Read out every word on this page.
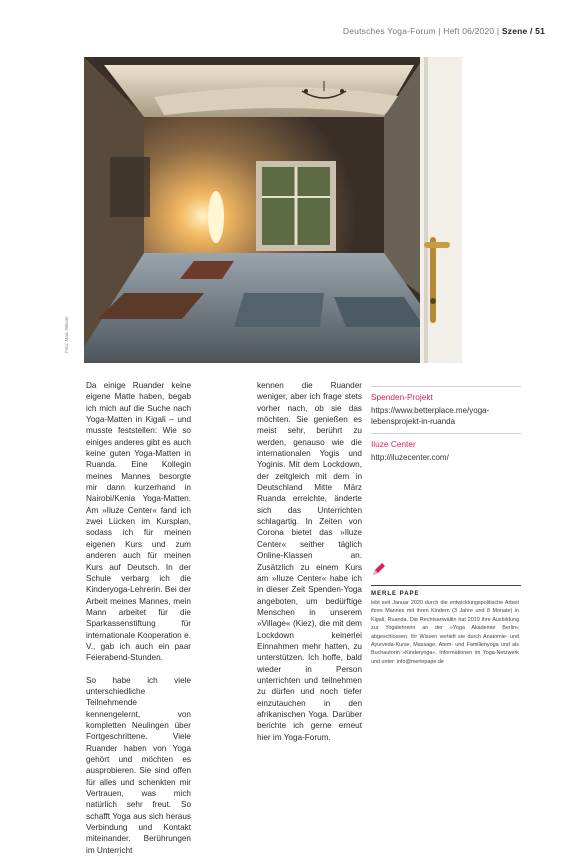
Deutsches Yoga-Forum | Heft 06/2020 | Szene / 51
Foto: Marc Wieser

Da einige Ruander keine eigene Matte haben, begab ich mich auf die Suche nach Yoga-Matten in Kigali – und musste feststellen: Wie so einiges anderes gibt es auch keine guten Yoga-Matten in Ruanda. Eine Kollegin meines Mannes besorgte mir dann kurzerhand in Nairobi/Kenia Yoga-Matten. Am »Iluze Center« fand ich zwei Lücken im Kursplan, sodass ich für meinen eigenen Kurs und zum anderen auch für meinen Kurs auf Deutsch. In der Schule verbarg ich die Kinderyoga-Lehrerin. Bei der Arbeit meines Mannes, mein Mann arbeitet für die Sparkassenstiftung für internationale Kooperation e. V., gab ich auch ein paar Feierabend-Stunden.

So habe ich viele unterschiedliche Teilnehmende kennengelernt, von kompletten Neulingen über Fortgeschrittene. Viele Ruander haben von Yoga gehört und möchten es ausprobieren. Sie sind offen für alles und schenkten mir Vertrauen, was mich natürlich sehr freut. So schafft Yoga aus sich heraus Verbindung und Kontakt miteinander. Berührungen im Unterricht

kennen die Ruander weniger, aber ich frage stets vorher nach, ob sie das möchten. Sie genießen es meist sehr, berührt zu werden, genauso wie die internationalen Yogis und Yoginis. Mit dem Lockdown, der zeitgleich mit dem in Deutschland Mitte März Ruanda erreichte, änderte sich das Unterrichten schlagartig. In Zeiten von Corona bietet das »Iluze Center« seither täglich Online-Klassen an. Zusätzlich zu einem Kurs am »Iluze Center« habe ich in dieser Zeit Spenden-Yoga angeboten, um bedürftige Menschen in unserem »Village« (Kiez), die mit dem Lockdown keinerlei Einnahmen mehr hatten, zu unterstützen. Ich hoffe, bald wieder in Person unterrichten und teilnehmen zu dürfen und noch tiefer einzutauchen in den afrikanischen Yoga. Darüber berichte ich gerne erneut hier im Yoga-Forum.

Spenden-Projekt
https://www.betterplace.me/yoga-lebensprojekt-in-ruanda
Iluze Center
http://iluzecenter.com/
MERLE PAPE
lebt seit Januar 2020 durch die entwicklungspolitische Arbeit ihres Mannes mit ihren Kindern (3 Jahre und 8 Monate) in Kigali, Ruanda. Die Rechtsanwältin hat 2019 ihre Ausbildung zur Yogalehrerin an der »Yoga Akademie Berlin« abgeschlossen. Ihr Wissen vertieft sie durch Anatomie- und Ayurveda-Kurse, Massage, Atem- und Familienyoga und als Buchautorin »Kinderyoga«. Informationen im Yoga-Netzwerk und unter: info@merlepape.de
